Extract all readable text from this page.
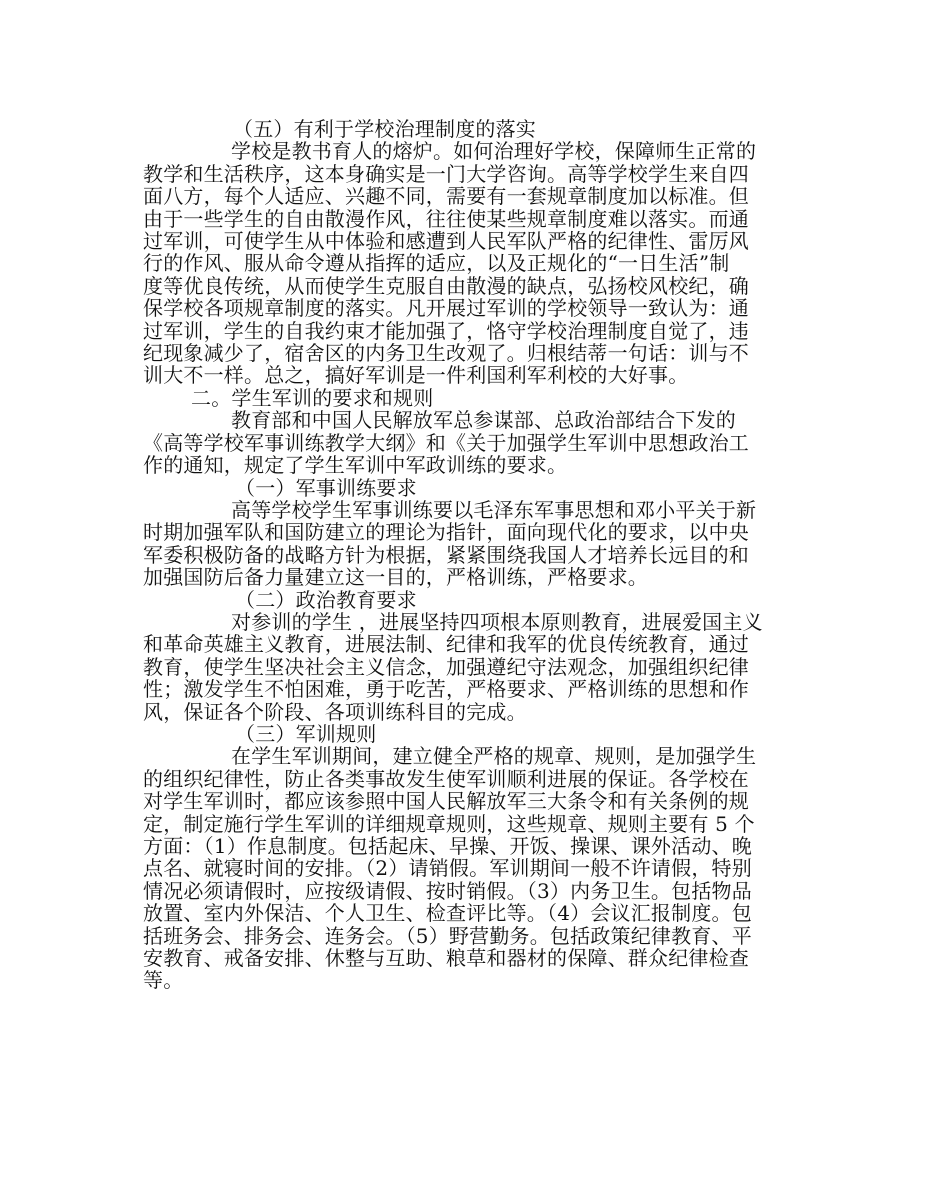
（五）有利于学校治理制度的落实
学校是教书育人的熔炉。如何治理好学校，保障师生正常的
教学和生活秩序，这本身确实是一门大学咨询。高等学校学生来自四
面八方，每个人适应、兴趣不同，需要有一套规章制度加以标准。但
由于一些学生的自由散漫作风，往往使某些规章制度难以落实。而通
过军训，可使学生从中体验和感遭到人民军队严格的纪律性、雷厉风
行的作风、服从命令遵从指挥的适应，以及正规化的“一日生活”制
度等优良传统，从而使学生克服自由散漫的缺点，弘扬校风校纪，确
保学校各项规章制度的落实。凡开展过军训的学校领导一致认为：通
过军训，学生的自我约束才能加强了，恪守学校治理制度自觉了，违
纪现象减少了，宿舍区的内务卫生改观了。归根结蒂一句话：训与不
训大不一样。总之，搞好军训是一件利国利军利校的大好事。
二。学生军训的要求和规则
教育部和中国人民解放军总参谋部、总政治部结合下发的
《高等学校军事训练教学大纲》和《关于加强学生军训中思想政治工
作的通知，规定了学生军训中军政训练的要求。
（一）军事训练要求
高等学校学生军事训练要以毛泽东军事思想和邓小平关于新
时期加强军队和国防建立的理论为指针，面向现代化的要求，以中央
军委积极防备的战略方针为根据，紧紧围绕我国人才培养长远目的和
加强国防后备力量建立这一目的，严格训练，严格要求。
（二）政治教育要求
对参训的学生 ，进展坚持四项根本原则教育，进展爱国主义
和革命英雄主义教育，进展法制、纪律和我军的优良传统教育，通过
教育，使学生坚决社会主义信念，加强遵纪守法观念，加强组织纪律
性；激发学生不怕困难，勇于吃苦，严格要求、严格训练的思想和作
风，保证各个阶段、各项训练科目的完成。
（三）军训规则
在学生军训期间，建立健全严格的规章、规则，是加强学生
的组织纪律性，防止各类事故发生使军训顺利进展的保证。各学校在
对学生军训时，都应该参照中国人民解放军三大条令和有关条例的规
定，制定施行学生军训的详细规章规则，这些规章、规则主要有 5 个
方面：（1）作息制度。包括起床、早操、开饭、操课、课外活动、晚
点名、就寝时间的安排。（2）请销假。军训期间一般不许请假，特别
情况必须请假时，应按级请假、按时销假。（3）内务卫生。包括物品
放置、室内外保洁、个人卫生、检查评比等。（4）会议汇报制度。包
括班务会、排务会、连务会。（5）野营勤务。包括政策纪律教育、平
安教育、戒备安排、休整与互助、粮草和器材的保障、群众纪律检查
等。
